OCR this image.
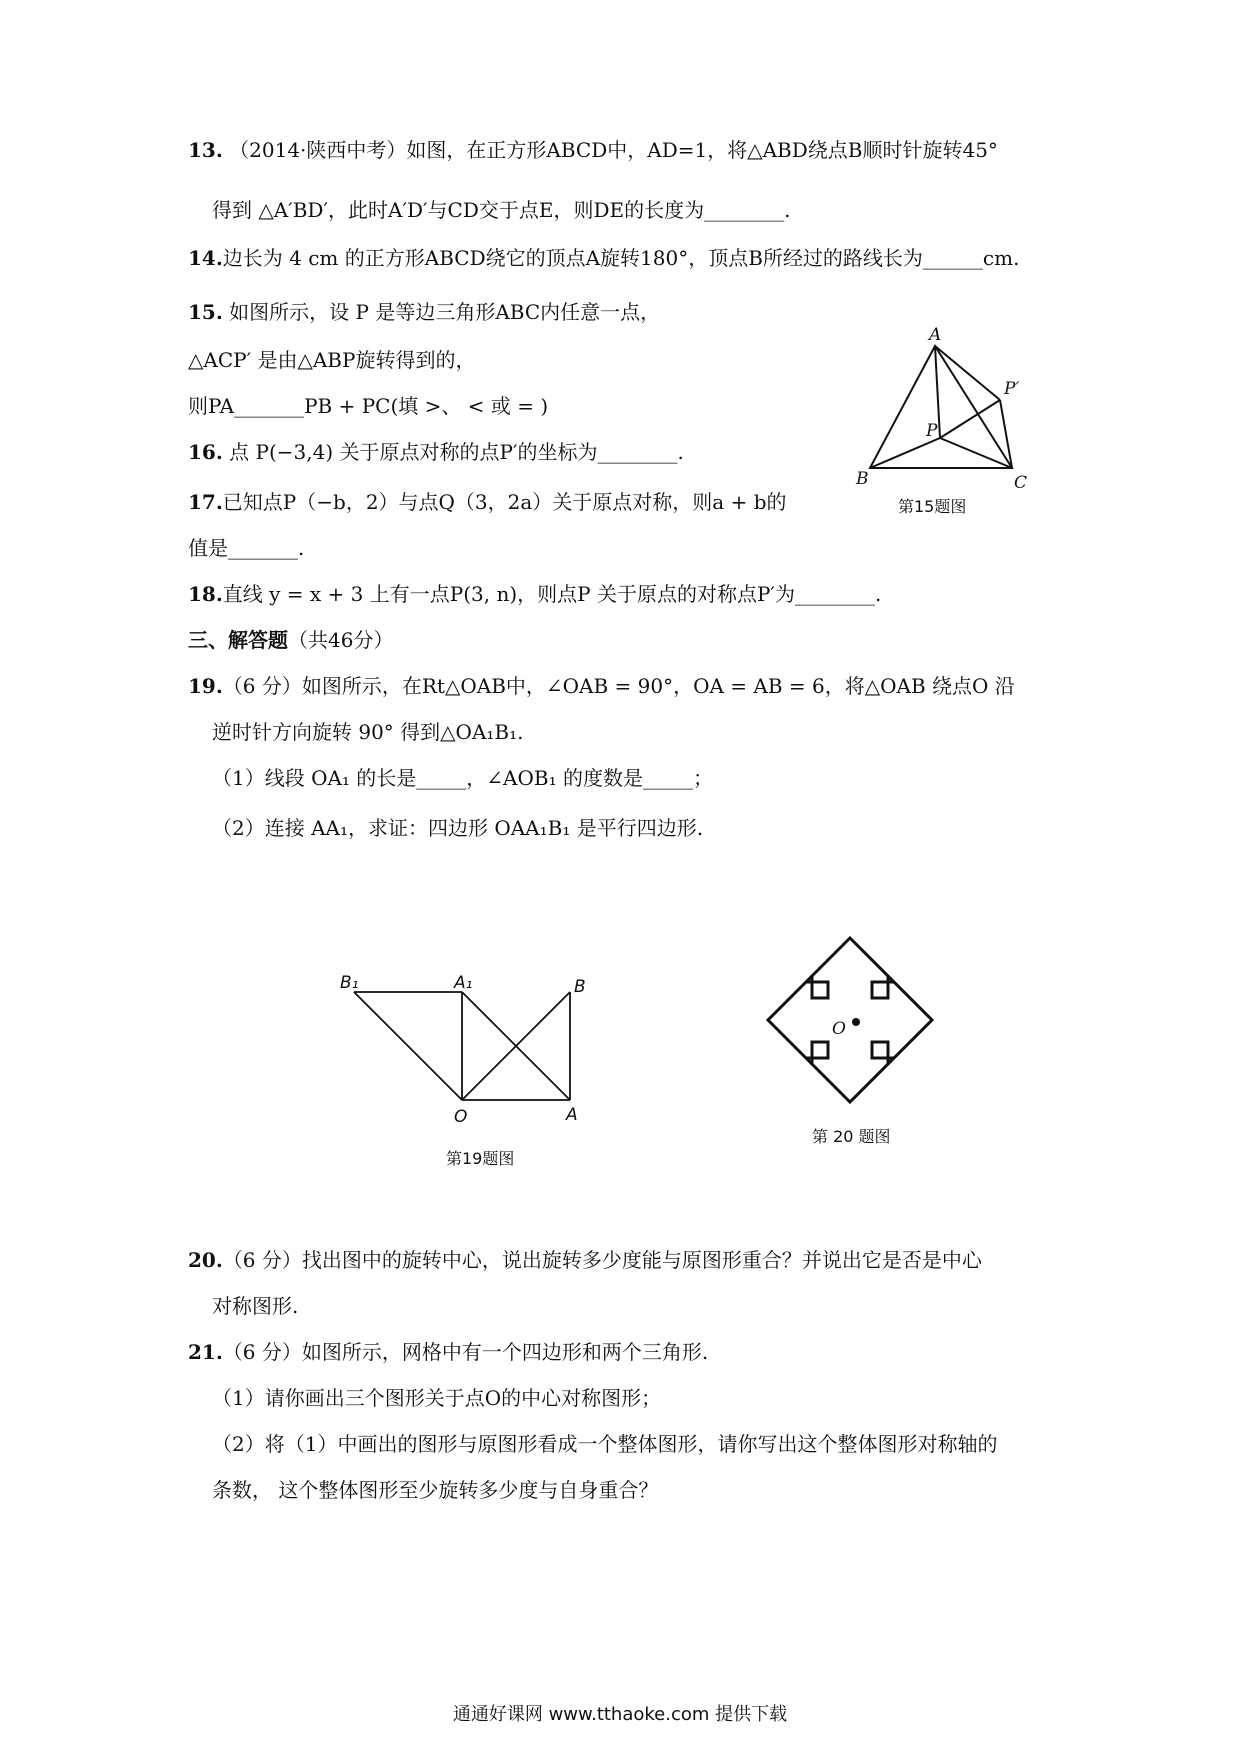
13. （2014·陕西中考）如图，在正方形ABCD中，AD=1，将△ABD绕点B顺时针旋转45°
得到 △A′BD′，此时A′D′与CD交于点E，则DE的长度为________.
14.边长为 4 cm 的正方形ABCD绕它的顶点A旋转180°，顶点B所经过的路线长为______cm.
15. 如图所示，设 P 是等边三角形ABC内任意一点，
△ACP′ 是由△ABP旋转得到的，
则PA_______PB + PC(填 >、 < 或 = )
A
B	C
P
P′
第15题图
16. 点 P(−3,4) 关于原点对称的点P′的坐标为________.
17.已知点P（−b，2）与点Q（3，2a）关于原点对称，则a + b的
值是_______.
18.直线 y = x + 3 上有一点P(3, n)，则点P 关于原点的对称点P′为________.
三、解答题（共46分）
19.（6 分）如图所示，在Rt△OAB中，∠OAB = 90°，OA = AB = 6，将△OAB 绕点O 沿
逆时针方向旋转 90° 得到△OA₁B₁.
（1）线段 OA₁ 的长是_____，∠AOB₁ 的度数是_____；
（2）连接 AA₁，求证：四边形 OAA₁B₁ 是平行四边形.
B₁	A₁	B
O	A
第19题图
O
第 20 题图
20.（6 分）找出图中的旋转中心，说出旋转多少度能与原图形重合？并说出它是否是中心
对称图形.
21.（6 分）如图所示，网格中有一个四边形和两个三角形.
（1）请你画出三个图形关于点O的中心对称图形；
（2）将（1）中画出的图形与原图形看成一个整体图形，请你写出这个整体图形对称轴的
条数， 这个整体图形至少旋转多少度与自身重合？
通通好课网 www.tthaoke.com 提供下载
